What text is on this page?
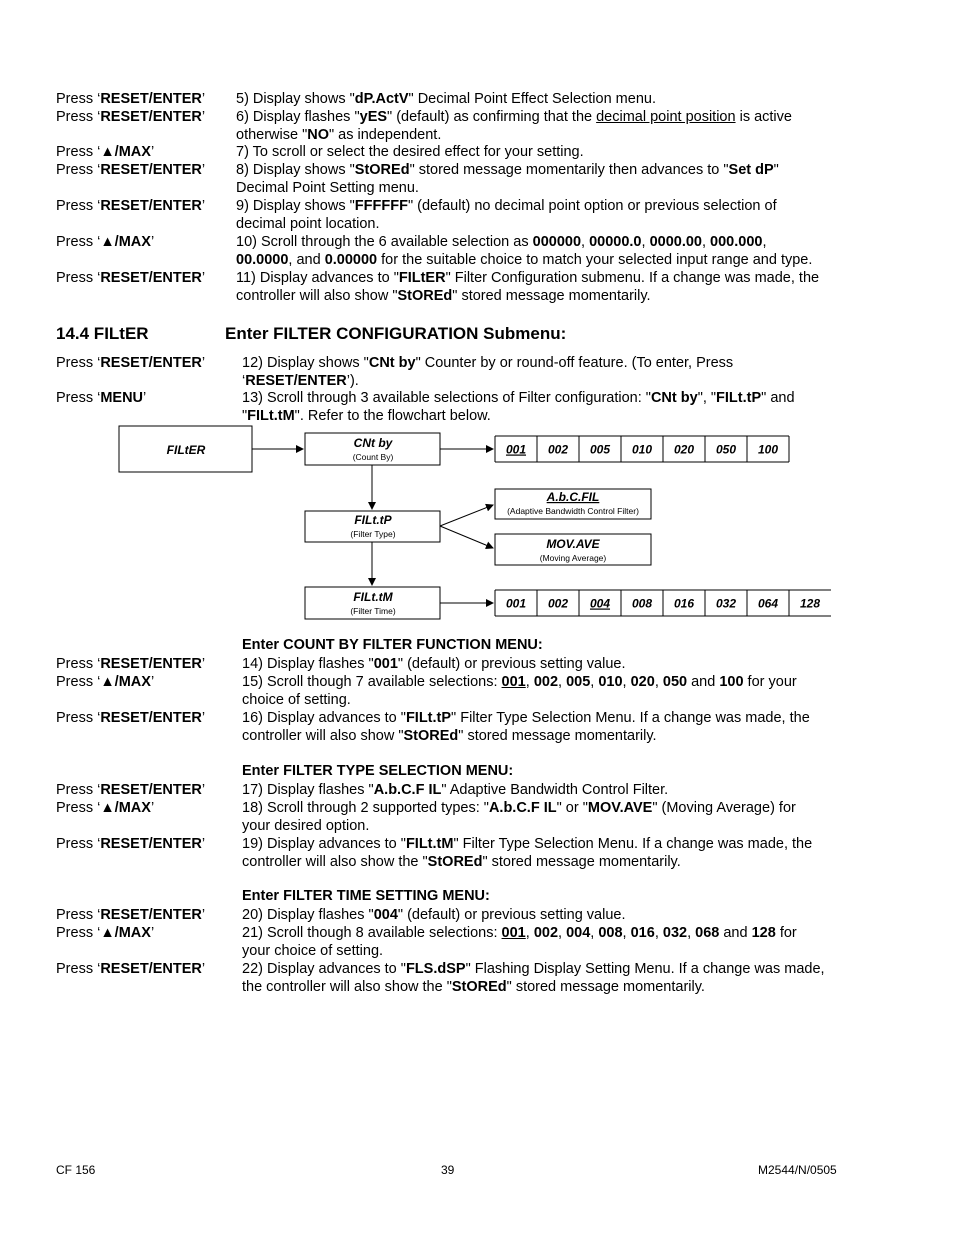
Press ‘RESET/ENTER’ 5) Display shows "dP.ActV" Decimal Point Effect Selection menu.
Press ‘RESET/ENTER’ 6) Display flashes "yES" (default) as confirming that the decimal point position is active
otherwise "NO" as independent.
Press ‘▲/MAX’	7) To scroll or select the desired effect for your setting.
Press ‘RESET/ENTER’ 8) Display shows "StOREd" stored message momentarily then advances to "Set dP"
Decimal Point Setting menu.
Press ‘RESET/ENTER’ 9) Display shows "FFFFFF" (default) no decimal point option or previous selection of
decimal point location.
Press ‘▲/MAX’	10) Scroll through the 6 available selection as 000000, 00000.0, 0000.00, 000.000,
00.0000, and 0.00000 for the suitable choice to match your selected input range and type.
Press ‘RESET/ENTER’ 11) Display advances to "FILtER" Filter Configuration submenu. If a change was made, the
controller will also show "StOREd" stored message momentarily.
14.4 FILtER	Enter FILTER CONFIGURATION Submenu:
Press ‘RESET/ENTER’	12) Display shows "CNt by" Counter by or round-off feature. (To enter, Press
‘RESET/ENTER’).
Press ‘MENU’	13) Scroll through 3 available selections of Filter configuration: "CNt by", "FILt.tP" and
"FILt.tM". Refer to the flowchart below.
FILtER	CNt by
FILt.tP
FILt.tM
A.b.C.FIL
MOV.AVE
(Count By)
(Filter Type)
(Filter Time)
(Adaptive Bandwidth Control Filter)
(Moving Average)
001 002 005 010 020 050 100
001 002 004 008 016 032 064 128
Enter COUNT BY FILTER FUNCTION MENU:
Press ‘RESET/ENTER’	14) Display flashes "001" (default) or previous setting value.
Press ‘▲/MAX’	15) Scroll though 7 available selections: 001, 002, 005, 010, 020, 050 and 100 for your
choice of setting.
Press ‘RESET/ENTER’	16) Display advances to "FILt.tP" Filter Type Selection Menu. If a change was made, the
controller will also show "StOREd" stored message momentarily.
Enter FILTER TYPE SELECTION MENU:
Press ‘RESET/ENTER’	17) Display flashes "A.b.C.F IL" Adaptive Bandwidth Control Filter.
Press ‘▲/MAX’	18) Scroll through 2 supported types: "A.b.C.F IL" or "MOV.AVE" (Moving Average) for
your desired option.
Press ‘RESET/ENTER’	19) Display advances to "FILt.tM" Filter Type Selection Menu. If a change was made, the
controller will also show the "StOREd" stored message momentarily.
Enter FILTER TIME SETTING MENU:
Press ‘RESET/ENTER’	20) Display flashes "004" (default) or previous setting value.
Press ‘▲/MAX’	21) Scroll though 8 available selections: 001, 002, 004, 008, 016, 032, 068 and 128 for
your choice of setting.
Press ‘RESET/ENTER’	22) Display advances to "FLS.dSP" Flashing Display Setting Menu. If a change was made,
the controller will also show the "StOREd" stored message momentarily.
CF 156	39	M2544/N/0505
